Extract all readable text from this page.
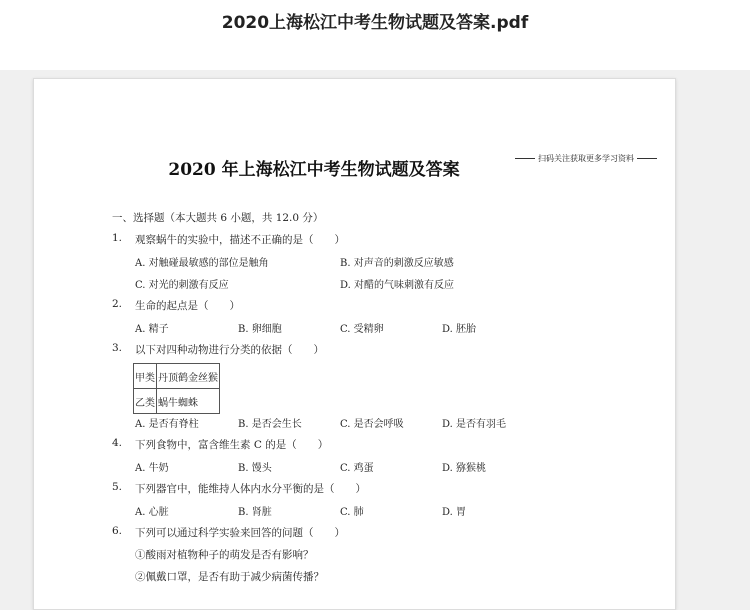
2020上海松江中考生物试题及答案.pdf
2020 年上海松江中考生物试题及答案
扫码关注获取更多学习资料
一、选择题（本大题共 6 小题，共 12.0 分）
1. 观察蜗牛的实验中，描述不正确的是（　　）
A. 对触碰最敏感的部位是触角	B. 对声音的刺激反应敏感
C. 对光的刺激有反应	D. 对醋的气味刺激有反应
2. 生命的起点是（　　）
A. 精子	B. 卵细胞	C. 受精卵	D. 胚胎
3. 以下对四种动物进行分类的依据（　　）
甲类	丹顶鹤金丝猴
乙类	蜗牛蜘蛛
A. 是否有脊柱	B. 是否会生长	C. 是否会呼吸	D. 是否有羽毛
4. 下列食物中，富含维生素 C 的是（　　）
A. 牛奶	B. 馒头	C. 鸡蛋	D. 猕猴桃
5. 下列器官中，能维持人体内水分平衡的是（　　）
A. 心脏	B. 肾脏	C. 肺	D. 胃
6. 下列可以通过科学实验来回答的问题（　　）
①酸雨对植物种子的萌发是否有影响？
②佩戴口罩，是否有助于减少病菌传播？
